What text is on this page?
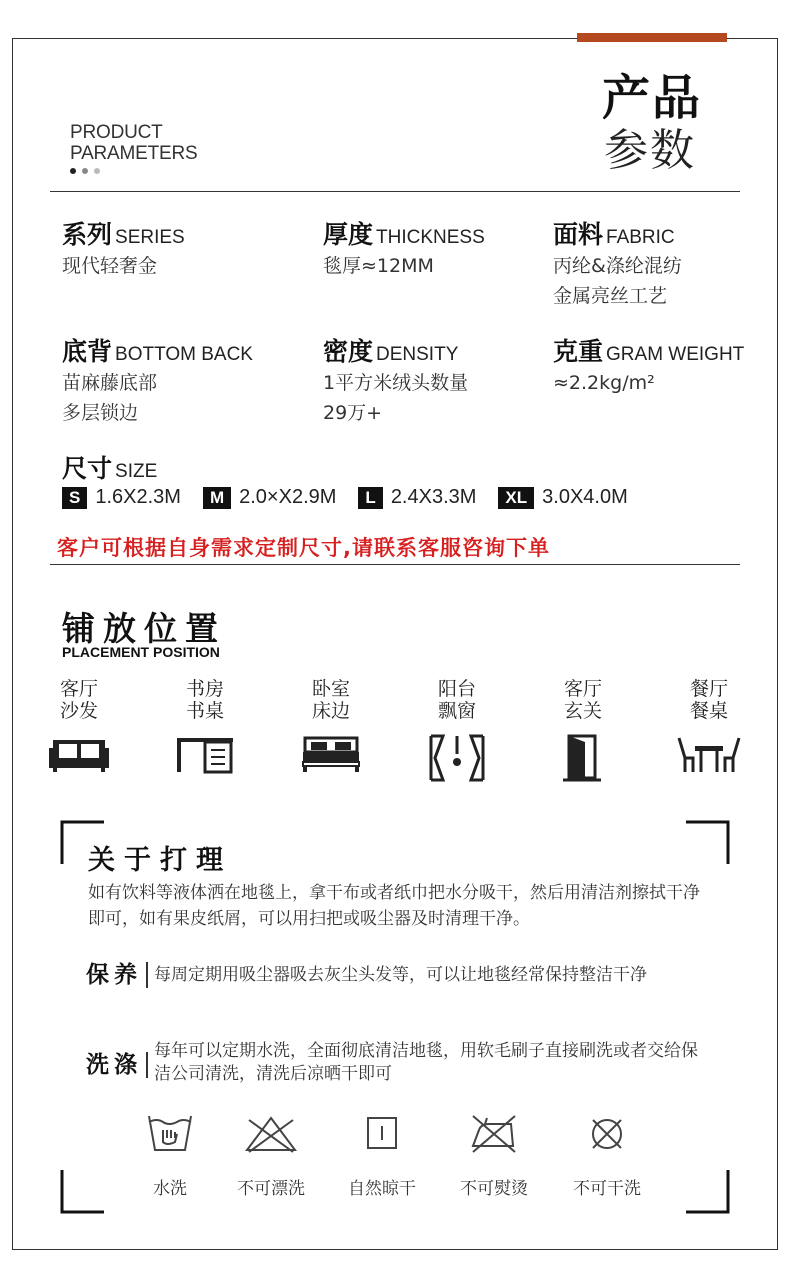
PRODUCT
PARAMETERS
产品
参数
系列 SERIES
现代轻奢金
厚度 THICKNESS
毯厚≈12MM
面料 FABRIC
丙纶&涤纶混纺
金属亮丝工艺
底背 BOTTOM BACK
苗麻藤底部
多层锁边
密度 DENSITY
1平方米绒头数量
29万+
克重 GRAM WEIGHT
≈2.2kg/m²
尺寸 SIZE
S 1.6X2.3M	M 2.0×X2.9M	L 2.4X3.3M	XL 3.0X4.0M
客户可根据自身需求定制尺寸,请联系客服咨询下单
铺放位置
PLACEMENT POSITION
客厅
沙发
书房
书桌
卧室
床边
阳台
飘窗
客厅
玄关
餐厅
餐桌
关于打理
如有饮料等液体洒在地毯上，拿干布或者纸巾把水分吸干，然后用清洁剂擦拭干净即可，如有果皮纸屑，可以用扫把或吸尘器及时清理干净。
保养 每周定期用吸尘器吸去灰尘头发等，可以让地毯经常保持整洁干净
洗涤
每年可以定期水洗，全面彻底清洁地毯，用软毛刷子直接刷洗或者交给保洁公司清洗，清洗后凉晒干即可
水洗	不可漂洗	自然晾干	不可熨烫	不可干洗
